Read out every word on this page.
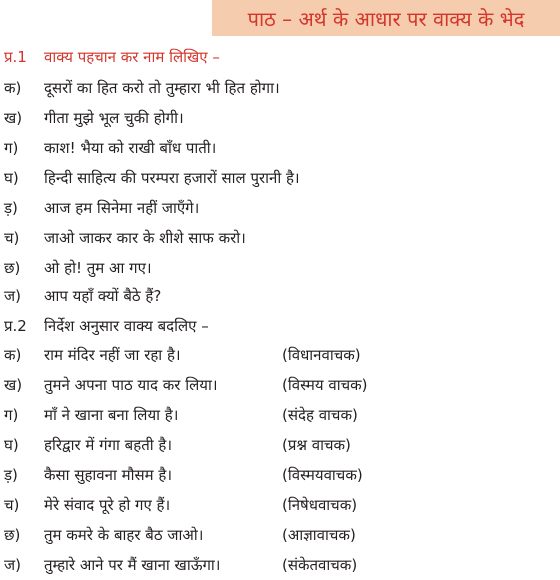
पाठ – अर्थ के आधार पर वाक्य के भेद
प्र.1	वाक्य पहचान कर नाम लिखिए –
क)	दूसरों का हित करो तो तुम्हारा भी हित होगा।
ख)	गीता मुझे भूल चुकी होगी।
ग)	काश! भैया को राखी बाँध पाती।
घ)	हिन्दी साहित्य की परम्परा हजारों साल पुरानी है।
ड़)	आज हम सिनेमा नहीं जाएँगे।
च)	जाओ जाकर कार के शीशे साफ करो।
छ)	ओ हो! तुम आ गए।
ज)	आप यहाँ क्यों बैठे हैं?
प्र.2	निर्देश अनुसार वाक्य बदलिए –
क)	राम मंदिर नहीं जा रहा है।	(विधानवाचक)
ख)	तुमने अपना पाठ याद कर लिया।	(विस्मय वाचक)
ग)	माँ ने खाना बना लिया है।	(संदेह वाचक)
घ)	हरिद्वार में गंगा बहती है।	(प्रश्न वाचक)
ड़)	कैसा सुहावना मौसम है।	(विस्मयवाचक)
च)	मेरे संवाद पूरे हो गए हैं।	(निषेधवाचक)
छ)	तुम कमरे के बाहर बैठ जाओ।	(आज्ञावाचक)
ज)	तुम्हारे आने पर मैं खाना खाऊँगा।	(संकेतवाचक)
